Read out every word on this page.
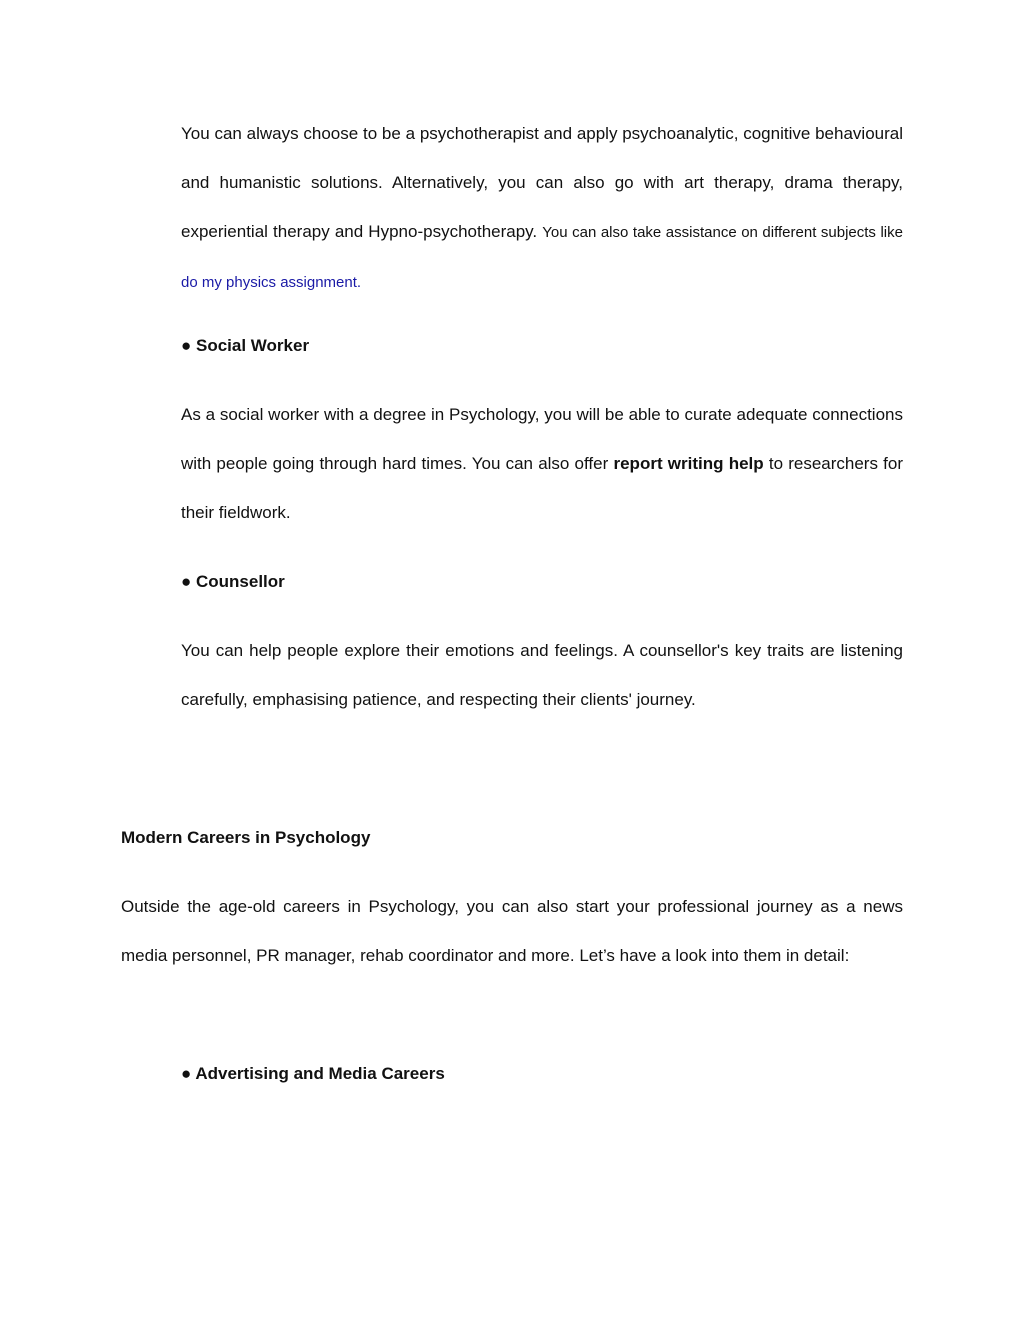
You can always choose to be a psychotherapist and apply psychoanalytic, cognitive behavioural and humanistic solutions. Alternatively, you can also go with art therapy, drama therapy, experiential therapy and Hypno-psychotherapy. You can also take assistance on different subjects like do my physics assignment.

● Social Worker

As a social worker with a degree in Psychology, you will be able to curate adequate connections with people going through hard times. You can also offer report writing help to researchers for their fieldwork.

● Counsellor

You can help people explore their emotions and feelings. A counsellor's key traits are listening carefully, emphasising patience, and respecting their clients' journey.

Modern Careers in Psychology

Outside the age-old careers in Psychology, you can also start your professional journey as a news media personnel, PR manager, rehab coordinator and more. Let’s have a look into them in detail:

● Advertising and Media Careers
